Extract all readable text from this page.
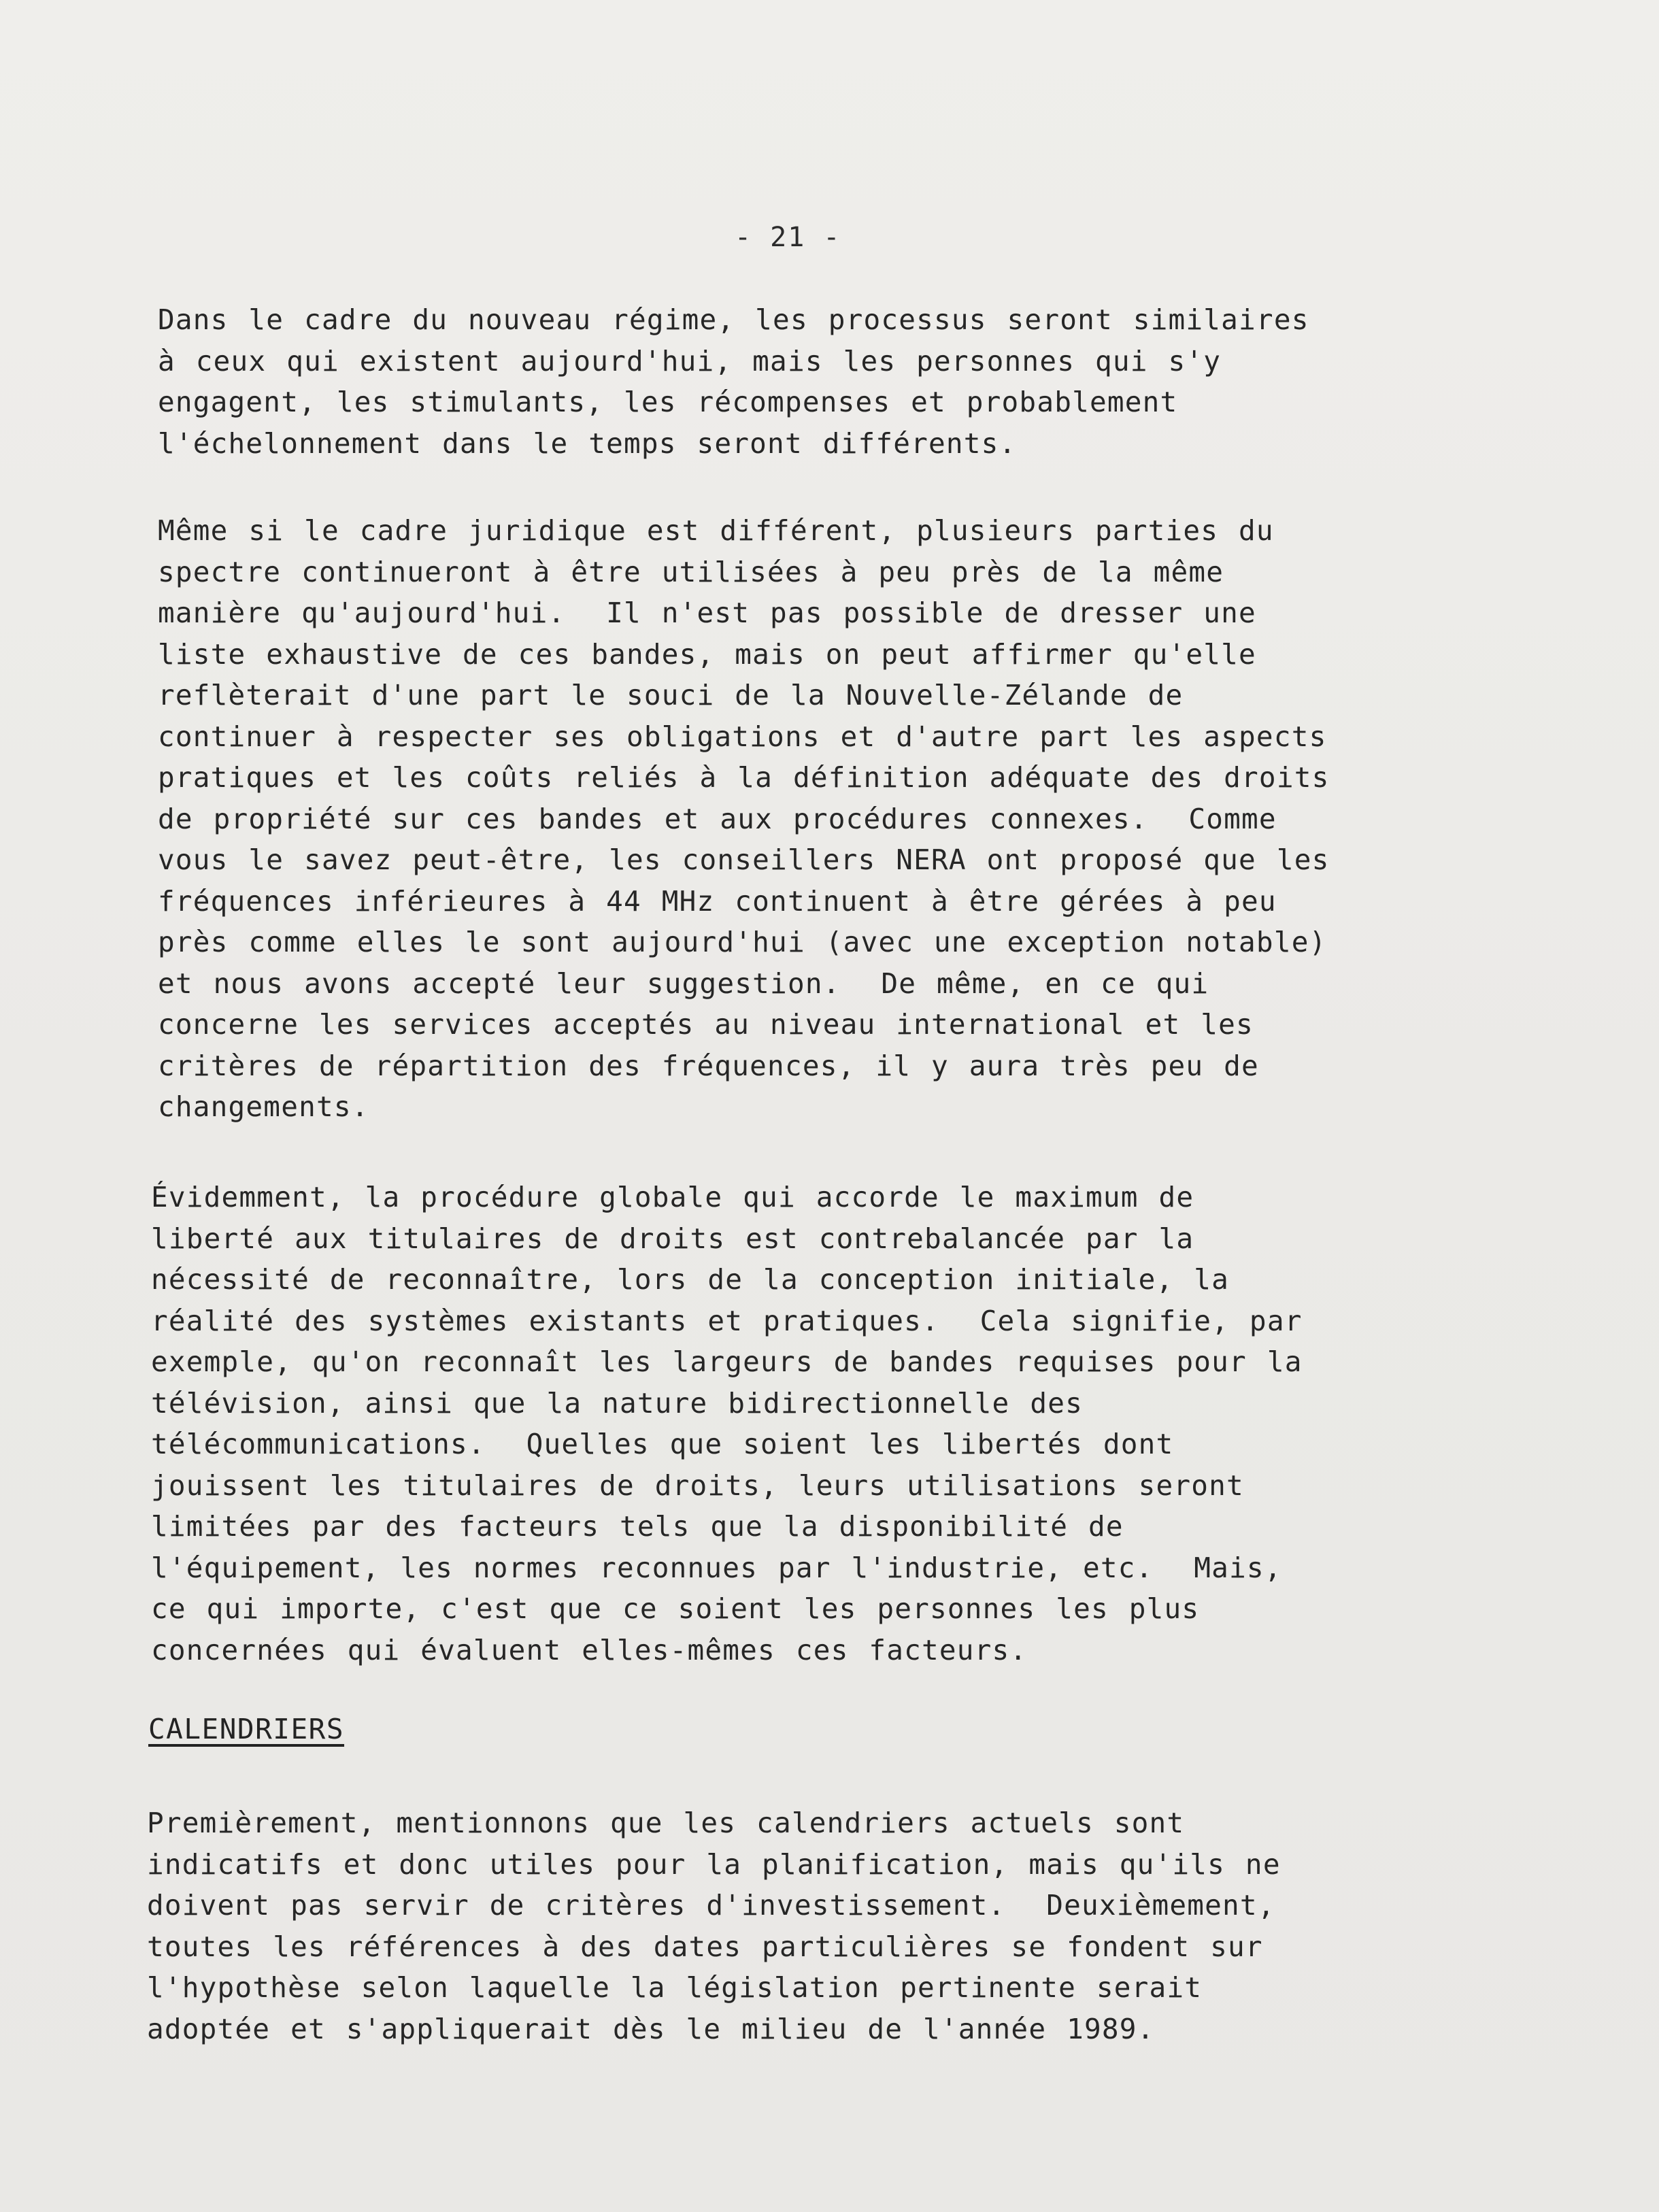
- 21 -
Dans le cadre du nouveau régime, les processus seront similaires
à ceux qui existent aujourd'hui, mais les personnes qui s'y
engagent, les stimulants, les récompenses et probablement
l'échelonnement dans le temps seront différents.
Même si le cadre juridique est différent, plusieurs parties du
spectre continueront à être utilisées à peu près de la même
manière qu'aujourd'hui.  Il n'est pas possible de dresser une
liste exhaustive de ces bandes, mais on peut affirmer qu'elle
reflèterait d'une part le souci de la Nouvelle-Zélande de
continuer à respecter ses obligations et d'autre part les aspects
pratiques et les coûts reliés à la définition adéquate des droits
de propriété sur ces bandes et aux procédures connexes.  Comme
vous le savez peut-être, les conseillers NERA ont proposé que les
fréquences inférieures à 44 MHz continuent à être gérées à peu
près comme elles le sont aujourd'hui (avec une exception notable)
et nous avons accepté leur suggestion.  De même, en ce qui
concerne les services acceptés au niveau international et les
critères de répartition des fréquences, il y aura très peu de
changements.
Évidemment, la procédure globale qui accorde le maximum de
liberté aux titulaires de droits est contrebalancée par la
nécessité de reconnaître, lors de la conception initiale, la
réalité des systèmes existants et pratiques.  Cela signifie, par
exemple, qu'on reconnaît les largeurs de bandes requises pour la
télévision, ainsi que la nature bidirectionnelle des
télécommunications.  Quelles que soient les libertés dont
jouissent les titulaires de droits, leurs utilisations seront
limitées par des facteurs tels que la disponibilité de
l'équipement, les normes reconnues par l'industrie, etc.  Mais,
ce qui importe, c'est que ce soient les personnes les plus
concernées qui évaluent elles-mêmes ces facteurs.
CALENDRIERS
Premièrement, mentionnons que les calendriers actuels sont
indicatifs et donc utiles pour la planification, mais qu'ils ne
doivent pas servir de critères d'investissement.  Deuxièmement,
toutes les références à des dates particulières se fondent sur
l'hypothèse selon laquelle la législation pertinente serait
adoptée et s'appliquerait dès le milieu de l'année 1989.
